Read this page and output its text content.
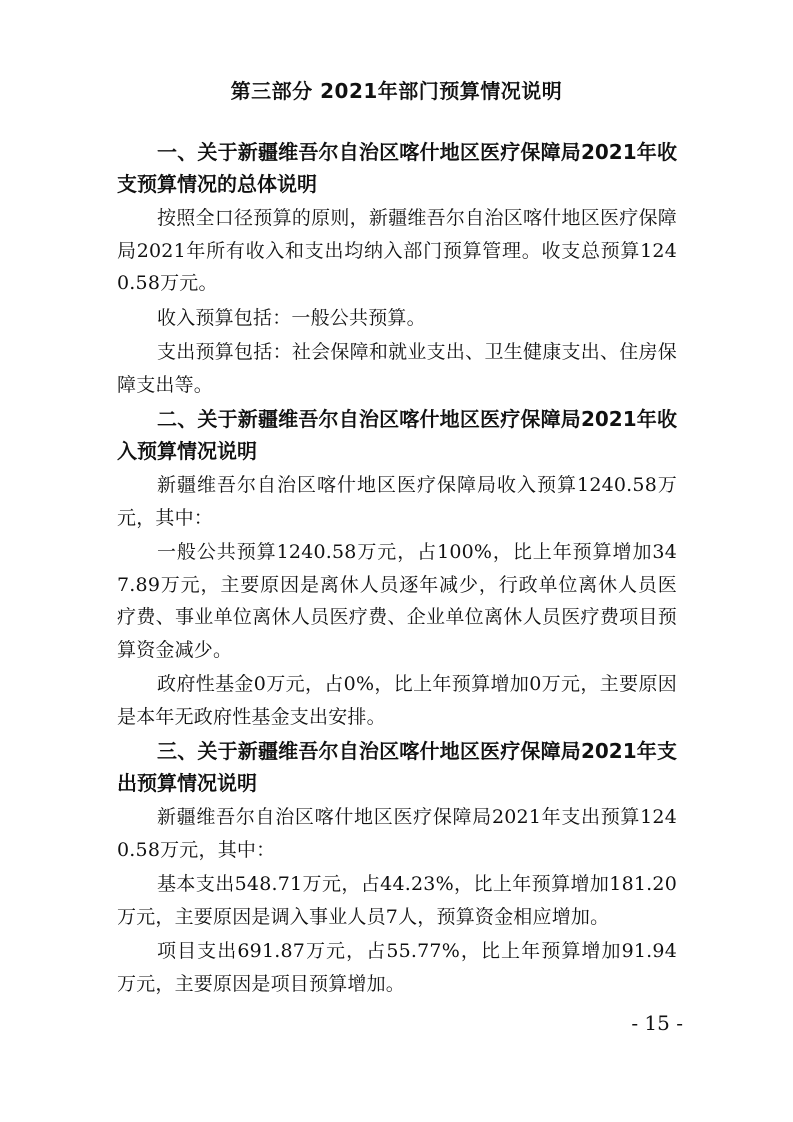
第三部分 2021年部门预算情况说明

一、关于新疆维吾尔自治区喀什地区医疗保障局2021年收支预算情况的总体说明

按照全口径预算的原则，新疆维吾尔自治区喀什地区医疗保障局2021年所有收入和支出均纳入部门预算管理。收支总预算1240.58万元。

收入预算包括：一般公共预算。

支出预算包括：社会保障和就业支出、卫生健康支出、住房保障支出等。

二、关于新疆维吾尔自治区喀什地区医疗保障局2021年收入预算情况说明

新疆维吾尔自治区喀什地区医疗保障局收入预算1240.58万元，其中：

一般公共预算1240.58万元，占100%，比上年预算增加347.89万元，主要原因是离休人员逐年减少，行政单位离休人员医疗费、事业单位离休人员医疗费、企业单位离休人员医疗费项目预算资金减少。

政府性基金0万元，占0%，比上年预算增加0万元，主要原因是本年无政府性基金支出安排。

三、关于新疆维吾尔自治区喀什地区医疗保障局2021年支出预算情况说明

新疆维吾尔自治区喀什地区医疗保障局2021年支出预算1240.58万元，其中：

基本支出548.71万元，占44.23%，比上年预算增加181.20万元，主要原因是调入事业人员7人，预算资金相应增加。

项目支出691.87万元，占55.77%，比上年预算增加91.94万元，主要原因是项目预算增加。

- 15 -
